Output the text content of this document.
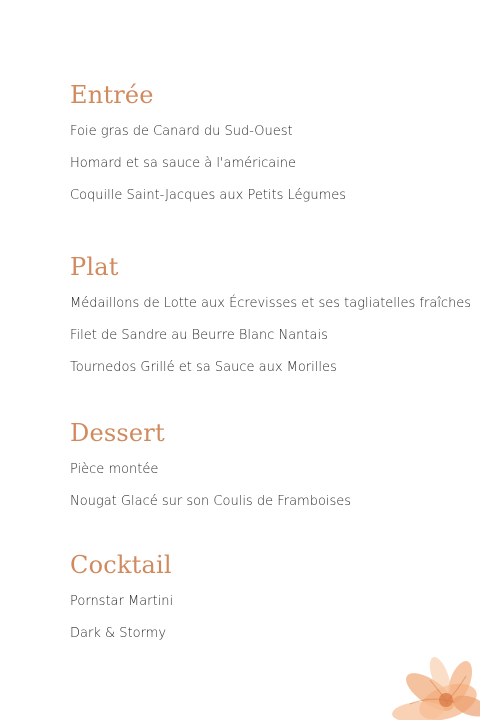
Entrée

Foie gras de Canard du Sud-Ouest

Homard et sa sauce à l'américaine

Coquille Saint-Jacques aux Petits Légumes

Plat

Médaillons de Lotte aux Écrevisses et ses tagliatelles fraîches

Filet de Sandre au Beurre Blanc Nantais

Tournedos Grillé et sa Sauce aux Morilles

Dessert

Pièce montée

Nougat Glacé sur son Coulis de Framboises

Cocktail

Pornstar Martini

Dark & Stormy
